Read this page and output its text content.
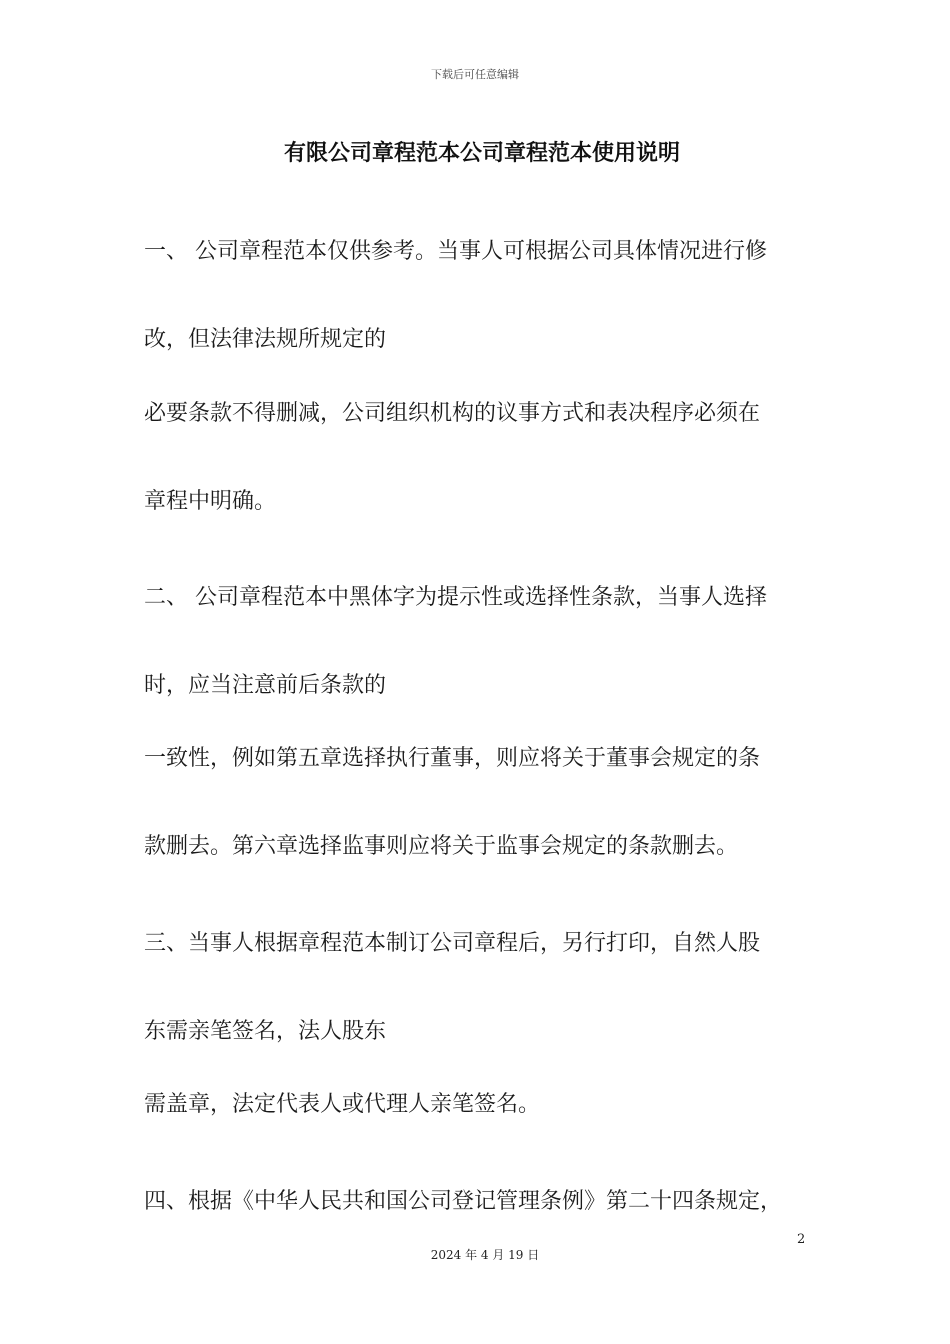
下载后可任意编辑
有限公司章程范本公司章程范本使用说明
一、 公司章程范本仅供参考。当事人可根据公司具体情况进行修
改，但法律法规所规定的
必要条款不得删减，公司组织机构的议事方式和表决程序必须在
章程中明确。
二、 公司章程范本中黑体字为提示性或选择性条款，当事人选择
时，应当注意前后条款的
一致性，例如第五章选择执行董事，则应将关于董事会规定的条
款删去。第六章选择监事则应将关于监事会规定的条款删去。
三、当事人根据章程范本制订公司章程后，另行打印，自然人股
东需亲笔签名，法人股东
需盖章，法定代表人或代理人亲笔签名。
四、根据《中华人民共和国公司登记管理条例》第二十四条规定，
2
2024 年 4 月 19 日
